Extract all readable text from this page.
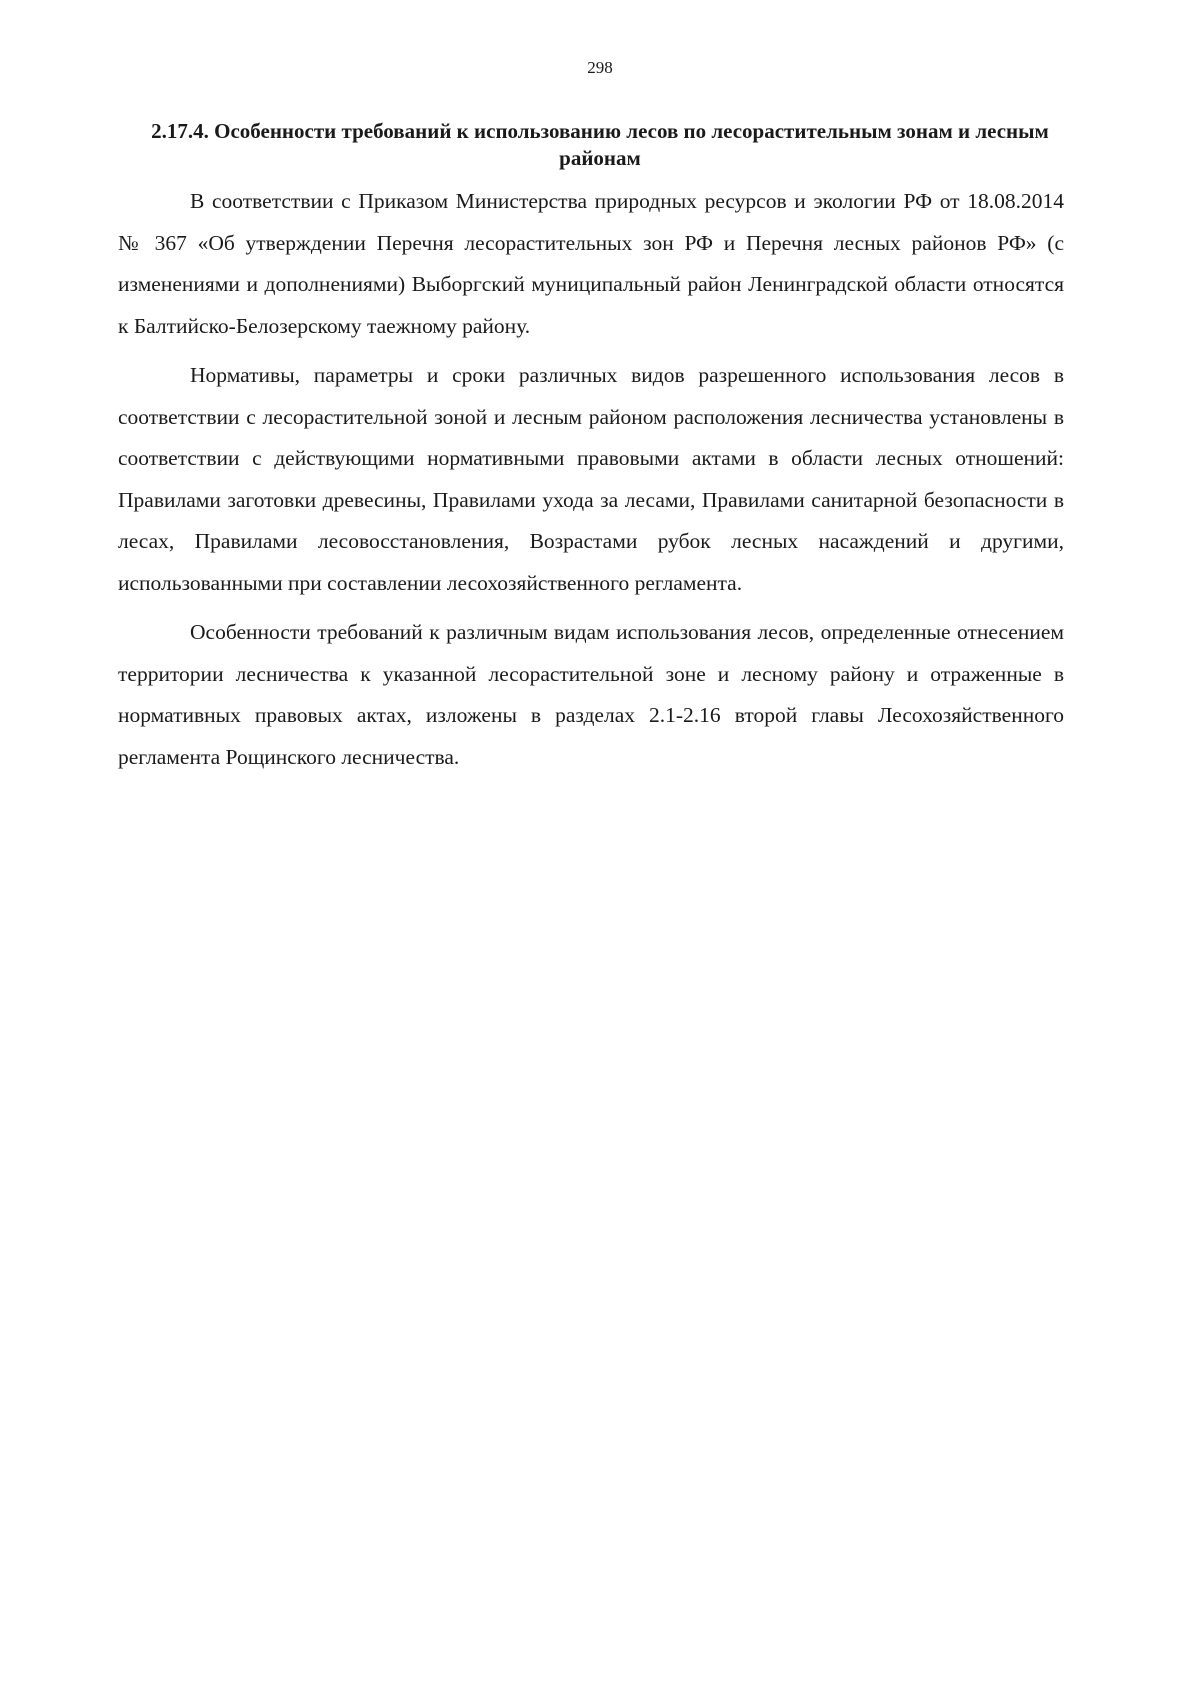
298
2.17.4. Особенности требований к использованию лесов по лесорастительным зонам и лесным районам

В соответствии с Приказом Министерства природных ресурсов и экологии РФ от 18.08.2014 № 367 «Об утверждении Перечня лесорастительных зон РФ и Перечня лесных районов РФ» (с изменениями и дополнениями) Выборгский муниципальный район Ленинградской области относятся к Балтийско-Белозерскому таежному району.

Нормативы, параметры и сроки различных видов разрешенного использования лесов в соответствии с лесорастительной зоной и лесным районом расположения лесничества установлены в соответствии с действующими нормативными правовыми актами в области лесных отношений: Правилами заготовки древесины, Правилами ухода за лесами, Правилами санитарной безопасности в лесах, Правилами лесовосстановления, Возрастами рубок лесных насаждений и другими, использованными при составлении лесохозяйственного регламента.

Особенности требований к различным видам использования лесов, определенные отнесением территории лесничества к указанной лесорастительной зоне и лесному району и отраженные в нормативных правовых актах, изложены в разделах 2.1-2.16 второй главы Лесохозяйственного регламента Рощинского лесничества.
